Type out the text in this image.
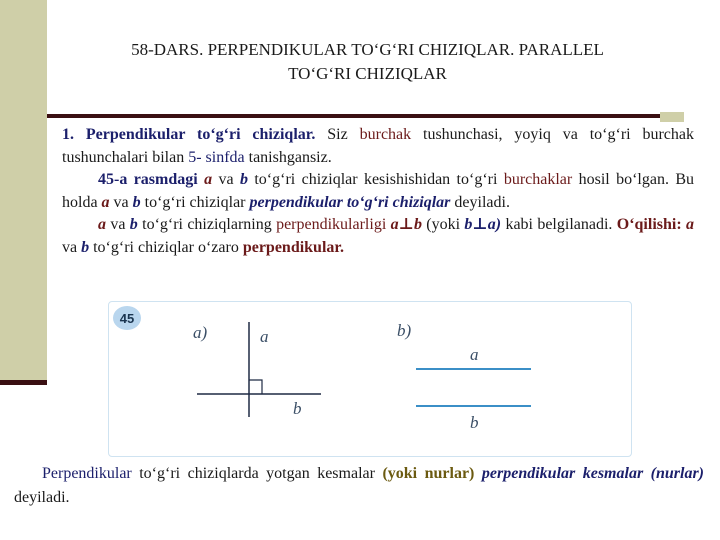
58-DARS. PERPENDIKULAR TO‘G‘RI CHIZIQLAR. PARALLEL
TO‘G‘RI CHIZIQLAR

1. Perpendikular to‘g‘ri chiziqlar. Siz burchak tushunchasi, yoyiq va to‘g‘ri burchak tushunchalari bilan 5- sinfda tanishgansiz.

45-a rasmdagi a va b to‘g‘ri chiziqlar kesishishidan to‘g‘ri burchaklar hosil bo‘lgan. Bu holda a va b to‘g‘ri chiziqlar perpendikular to‘g‘ri chiziqlar deyiladi.

a va b to‘g‘ri chiziqlarning perpendikularligi a⊥b (yoki b⊥a) kabi belgilanadi. O‘qilishi: a va b to‘g‘ri chiziqlar o‘zaro perpendikular.

a)	b)
a
b
a
b
45

Perpendikular to‘g‘ri chiziqlarda yotgan kesmalar (yoki nurlar) perpendikular kesmalar (nurlar) deyiladi.
